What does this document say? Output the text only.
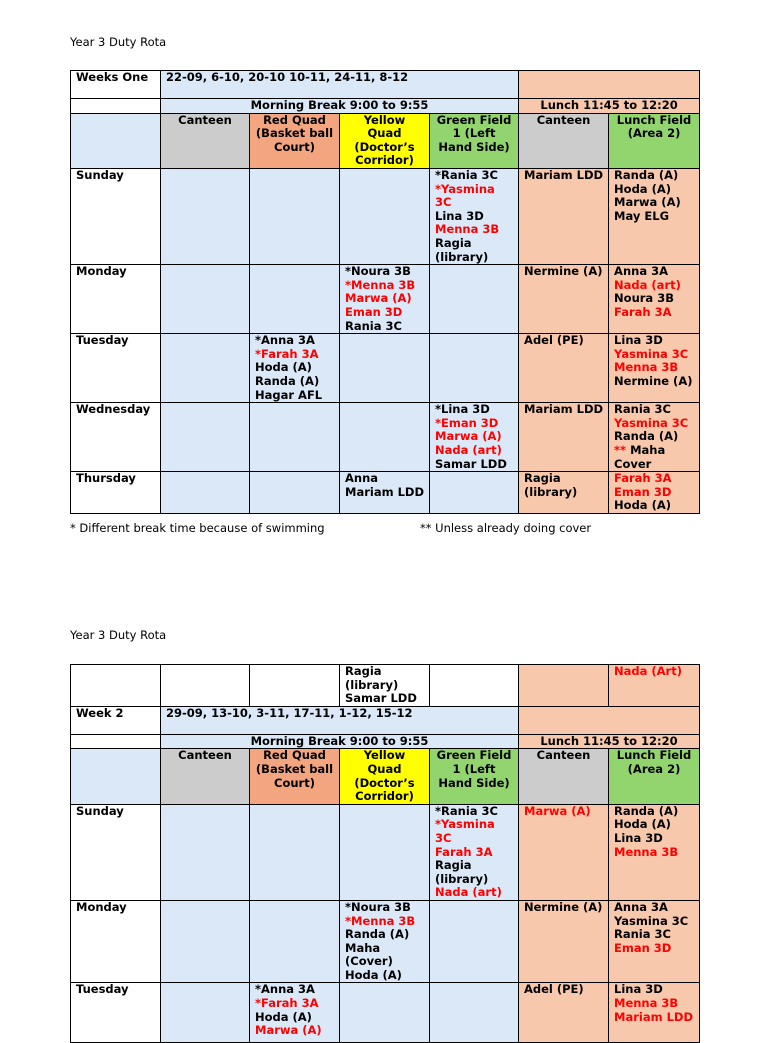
Year 3 Duty Rota
Weeks One	22-09, 6-10, 20-10 10-11, 24-11, 8-12					
	Morning Break 9:00 to 9:55				Lunch 11:45 to 12:20	
	Canteen	Red Quad (Basket ball Court)	Yellow Quad (Doctor’s Corridor)	Green Field 1 (Left Hand Side)	Canteen	Lunch Field (Area 2)
Sunday				*Rania 3C
*Yasmina 3C
Lina 3D
Menna 3B
Ragia (library)	Mariam LDD	Randa (A)
Hoda (A)
Marwa (A)
May ELG

Monday			*Noura 3B
*Menna 3B
Marwa (A)
Eman 3D
Rania 3C		Nermine (A)	Anna 3A
Nada (art)
Noura 3B
Farah 3A

Tuesday		*Anna 3A
*Farah 3A
Hoda (A)
Randa (A)
Hagar AFL			Adel (PE)	Lina 3D
Yasmina 3C
Menna 3B
Nermine (A)

Wednesday				*Lina 3D
*Eman 3D
Marwa (A)
Nada (art)
Samar LDD	Mariam LDD	Rania 3C
Yasmina 3C
Randa (A)
** Maha Cover

Thursday			Anna Mariam LDD		Ragia (library)	Farah 3A
Eman 3D
Hoda (A)
* Different break time because of swimming	** Unless already doing cover
Year 3 Duty Rota
			Ragia (library) Samar LDD			Nada (Art)

Week 2	29-09, 13-10, 3-11, 17-11, 1-12, 15-12					
	Morning Break 9:00 to 9:55				Lunch 11:45 to 12:20	
	Canteen	Red Quad (Basket ball Court)	Yellow Quad (Doctor’s Corridor)	Green Field 1 (Left Hand Side)	Canteen	Lunch Field (Area 2)
Sunday				*Rania 3C
*Yasmina 3C
Farah 3A
Ragia (library)
Nada (art)	Marwa (A)	Randa (A)
Hoda (A)
Lina 3D
Menna 3B

Monday			*Noura 3B
*Menna 3B
Randa (A)
Maha (Cover)
Hoda (A)		Nermine (A)	Anna 3A
Yasmina 3C
Rania 3C
Eman 3D

Tuesday		*Anna 3A
*Farah 3A
Hoda (A)
Marwa (A)			Adel (PE)	Lina 3D
Menna 3B
Mariam LDD
